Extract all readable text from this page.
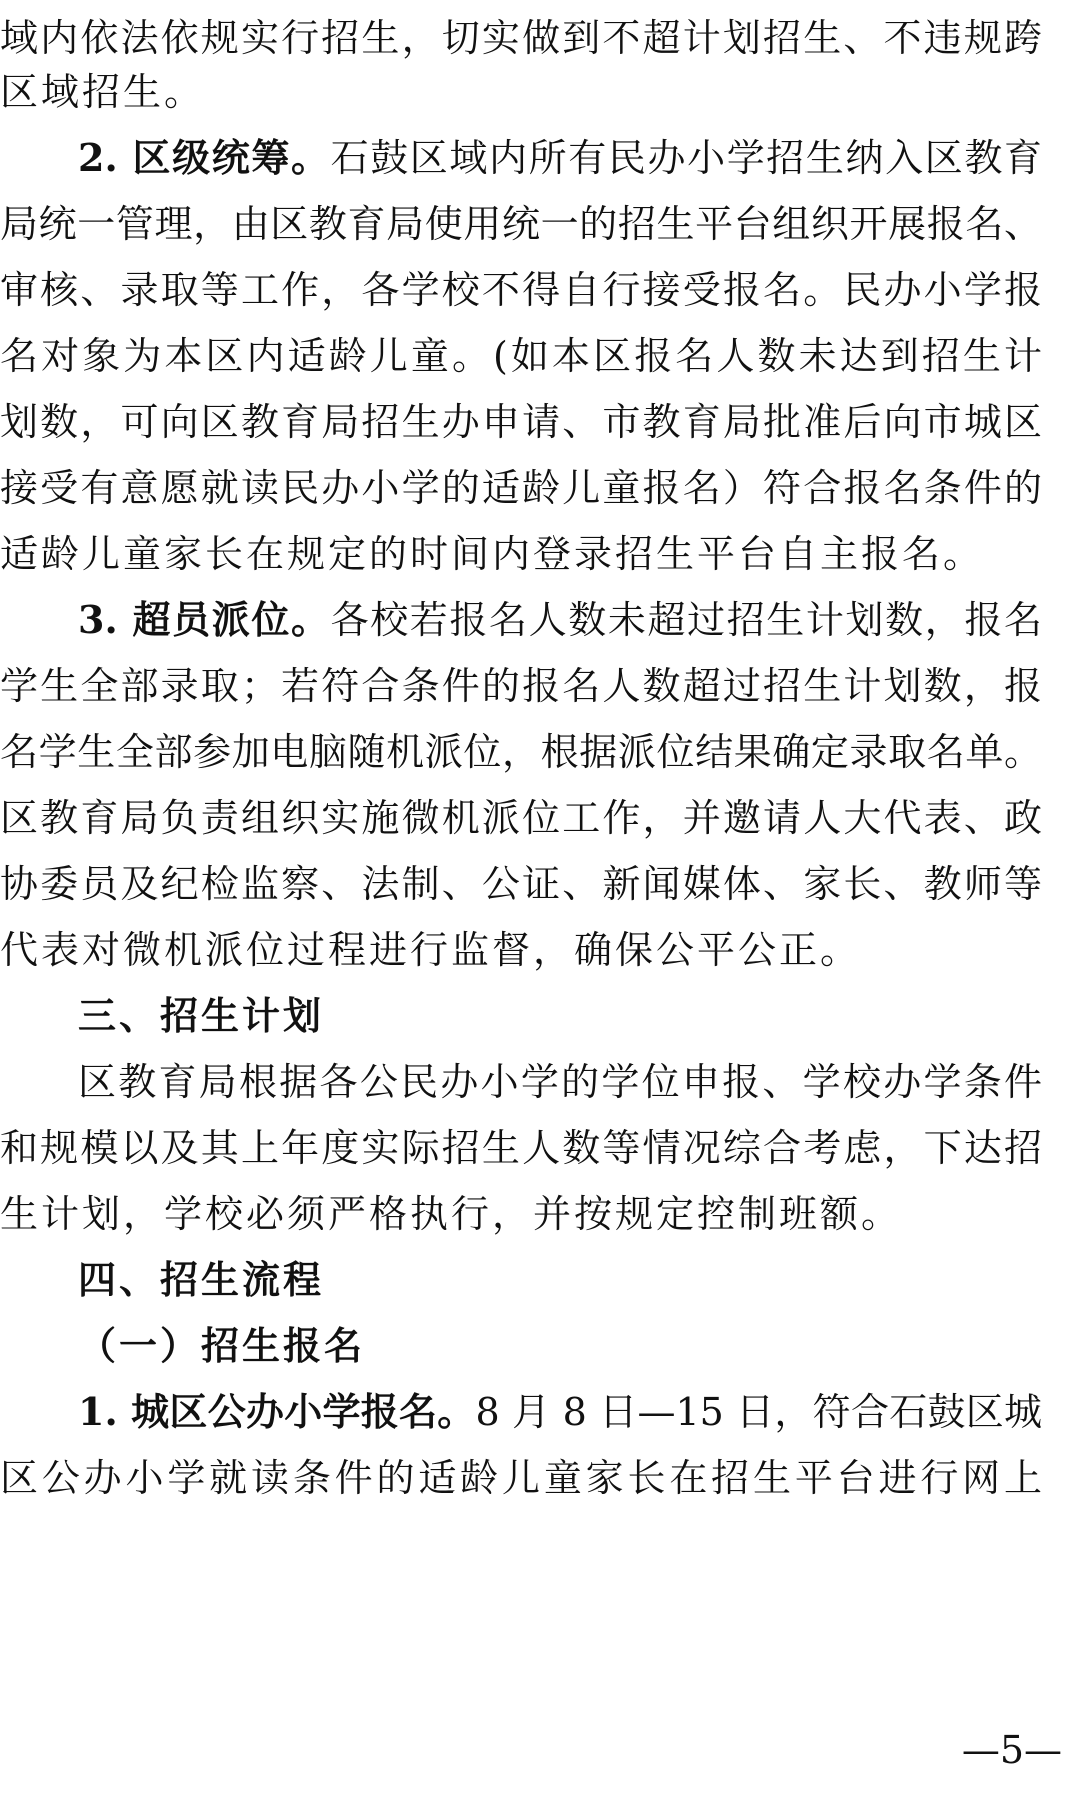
域内依法依规实行招生，切实做到不超计划招生、不违规跨
区域招生。
2. 区级统筹。石鼓区域内所有民办小学招生纳入区教育
局统一管理，由区教育局使用统一的招生平台组织开展报名、
审核、录取等工作，各学校不得自行接受报名。民办小学报
名对象为本区内适龄儿童。(如本区报名人数未达到招生计
划数，可向区教育局招生办申请、市教育局批准后向市城区
接受有意愿就读民办小学的适龄儿童报名）符合报名条件的
适龄儿童家长在规定的时间内登录招生平台自主报名。
3. 超员派位。各校若报名人数未超过招生计划数，报名
学生全部录取；若符合条件的报名人数超过招生计划数，报
名学生全部参加电脑随机派位，根据派位结果确定录取名单。
区教育局负责组织实施微机派位工作，并邀请人大代表、政
协委员及纪检监察、法制、公证、新闻媒体、家长、教师等
代表对微机派位过程进行监督，确保公平公正。
三、招生计划
区教育局根据各公民办小学的学位申报、学校办学条件
和规模以及其上年度实际招生人数等情况综合考虑，下达招
生计划，学校必须严格执行，并按规定控制班额。
四、招生流程
（一）招生报名
1. 城区公办小学报名。8 月 8 日—15 日，符合石鼓区城
区公办小学就读条件的适龄儿童家长在招生平台进行网上
—5—
